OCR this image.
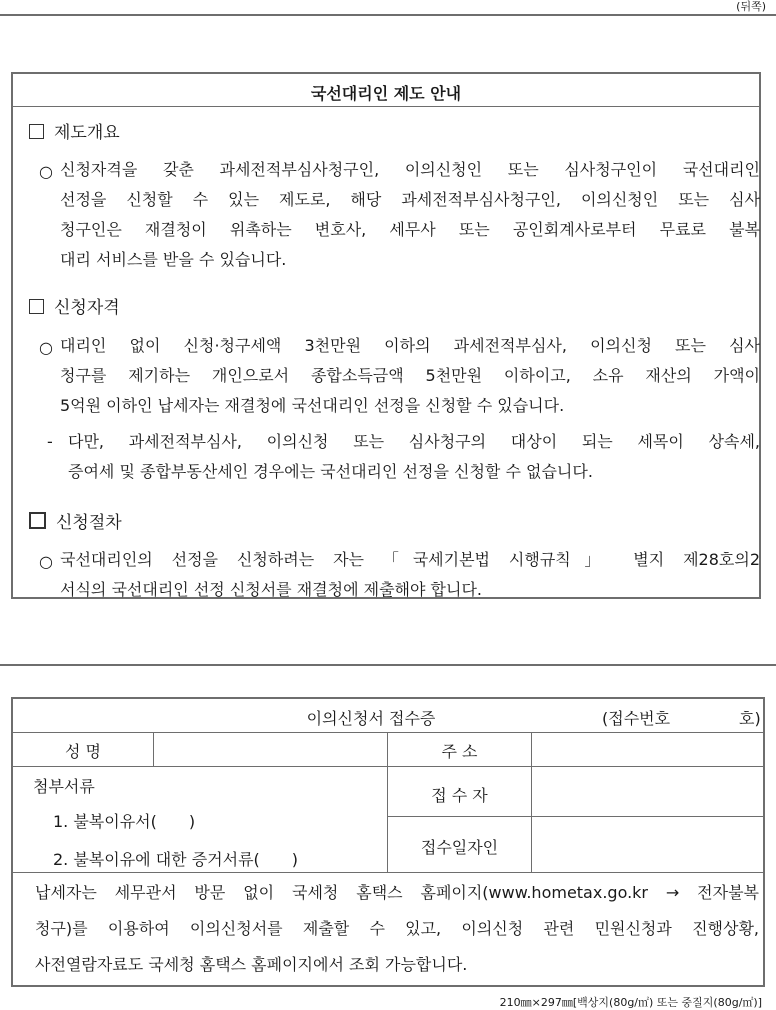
(뒤쪽)
국선대리인 제도 안내
제도개요
○ 신청자격을 갖춘 과세전적부심사청구인, 이의신청인 또는 심사청구인이 국선대리인
선정을 신청할 수 있는 제도로, 해당 과세전적부심사청구인, 이의신청인 또는 심사
청구인은 재결청이 위촉하는 변호사, 세무사 또는 공인회계사로부터 무료로 불복
대리 서비스를 받을 수 있습니다.
신청자격
○ 대리인 없이 신청·청구세액 3천만원 이하의 과세전적부심사, 이의신청 또는 심사
청구를 제기하는 개인으로서 종합소득금액 5천만원 이하이고, 소유 재산의 가액이
5억원 이하인 납세자는 재결청에 국선대리인 선정을 신청할 수 있습니다.
- 다만, 과세전적부심사, 이의신청 또는 심사청구의 대상이 되는 세목이 상속세,
증여세 및 종합부동산세인 경우에는 국선대리인 선정을 신청할 수 없습니다.
신청절차
○ 국선대리인의 선정을 신청하려는 자는 「국세기본법 시행규칙」 별지 제28호의2
서식의 국선대리인 선정 신청서를 재결청에 제출해야 합니다.
이의신청서 접수증	(접수번호	호)
성 명	주 소
첨부서류
1. 불복이유서(　　)
2. 불복이유에 대한 증거서류(　　)
접 수 자
접수일자인
납세자는 세무관서 방문 없이 국세청 홈택스 홈페이지(www.hometax.go.kr → 전자불복
청구)를 이용하여 이의신청서를 제출할 수 있고, 이의신청 관련 민원신청과 진행상황,
사전열람자료도 국세청 홈택스 홈페이지에서 조회 가능합니다.
210㎜×297㎜[백상지(80g/㎡) 또는 중질지(80g/㎡)]
